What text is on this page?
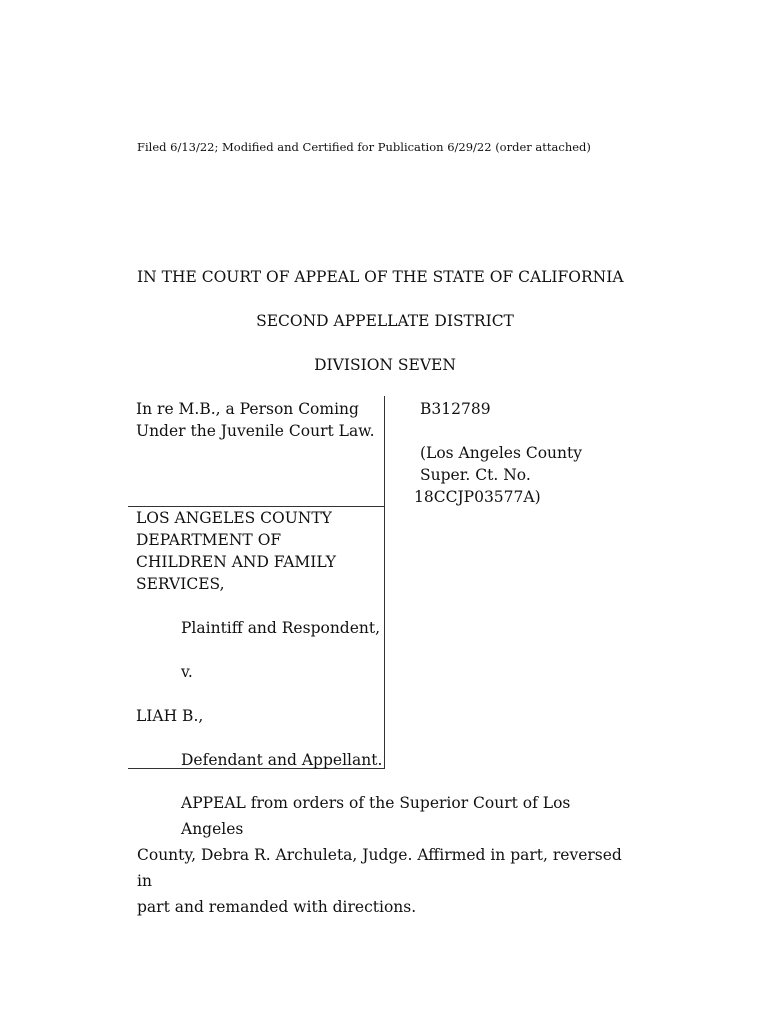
Filed 6/13/22; Modified and Certified for Publication 6/29/22 (order attached)
IN THE COURT OF APPEAL OF THE STATE OF CALIFORNIA
SECOND APPELLATE DISTRICT
DIVISION SEVEN
In re M.B., a Person Coming
Under the Juvenile Court Law.
LOS ANGELES COUNTY
DEPARTMENT OF
CHILDREN AND FAMILY
SERVICES,
Plaintiff and Respondent,
v.
LIAH B.,
Defendant and Appellant.
B312789
(Los Angeles County
Super. Ct. No.
18CCJP03577A)
APPEAL from orders of the Superior Court of Los Angeles
County, Debra R. Archuleta, Judge. Affirmed in part, reversed in
part and remanded with directions.
